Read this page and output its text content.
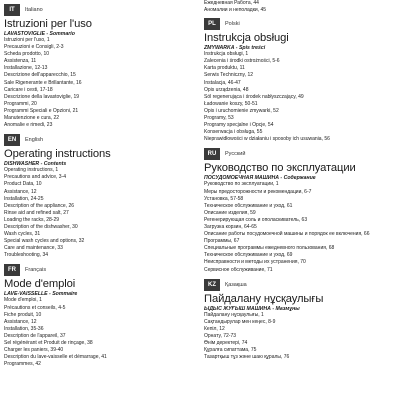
IT	Italiano
Istruzioni per l'uso
LAVASTOVIGLIE - Sommario
Istruzioni per l'uso, 1
Precauzioni e Consigli, 2-3
Scheda prodotto, 10
Assistenza, 11
Installazione, 12-13
Descrizione dell'apparecchio, 15
Sale Rigenerante e Brillantante, 16
Caricare i cesti, 17-18
Descrizione della lavastoviglie, 19
Programmi, 20
Programmi Speciali e Opzioni, 21
Manutenzione e cura, 22
Anomalie e rimedi, 23
EN	English
Operating instructions
DISHWASHER - Contents
Operating instructions, 1
Precautions and advice, 3-4
Product Data, 10
Assistance, 12
Installation, 24-25
Description of the appliance, 26
Rinse aid and refined salt, 27
Loading the racks, 28-29
Description of the dishwasher, 30
Wash cycles, 31
Special wash cycles and options, 32
Care and maintenance, 33
Troubleshooting, 34
FR	Français
Mode d'emploi
LAVE-VAISSELLE - Sommaire
Mode d'emploi, 1
Précautions et conseils, 4-5
Fiche produit, 10
Assistance, 12
Installation, 35-36
Description de l'appareil, 37
Sel régénérant et Produit de rinçage, 38
Charger les paniers, 39-40
Description du lave-vaisselle et démarrage, 41
Programmes, 42
Ежедневная Работа, 44
Аномалии и неполадки, 45
PL	Polski
Instrukcja obsługi
ZMYWARKA - Spis treści
Instrukcja obsługi, 1
Zalecenia i środki ostrożności, 5-6
Karta produktu, 11
Serwis Techniczny, 12
Instalacja, 46-47
Opis urządzenia, 48
Sól regenerująca i środek nabłyszczający, 49
Ładowanie koszy, 50-51
Opis i uruchomienie zmywarki, 52
Programy, 53
Programy specjalne i Opcje, 54
Konserwacja i obsługa, 55
Nieprawidłowości w działaniu i sposoby ich usuwania, 56
RU	Русский
Руководство по эксплуатации
ПОСУДОМОЕЧНАЯ МАШИНА - Содержание
Руководство по эксплуатации, 1
Меры предосторожности и рекомендации, 6-7
Установка, 57-58
Техническое обслуживание и уход, 61
Описание изделия, 59
Регенерирующая соль и ополаскиватель, 63
Загрузка корзин, 64-65
Описание работы посудомоечной машины и порядок ее включения, 66
Программы, 67
Специальные программы ежедневного пользования, 68
Техническое обслуживание и уход, 69
Неисправности и методы их устранения, 70
Сервисное обслуживание, 71
KZ	Қазақша
Пайдалану нұсқаулығы
ЫДЫС ЖУҒЫШ МАШИНА - Мазмұны
Пайдалану нұсқаулығы, 1
Сақтандырулар мен кеңес, 8-9
Кепіл, 12
Орнату, 72-73
Өнім деректері, 74
Құралға сипаттама, 75
Тазартқыш тұз және шаю құралы, 76
